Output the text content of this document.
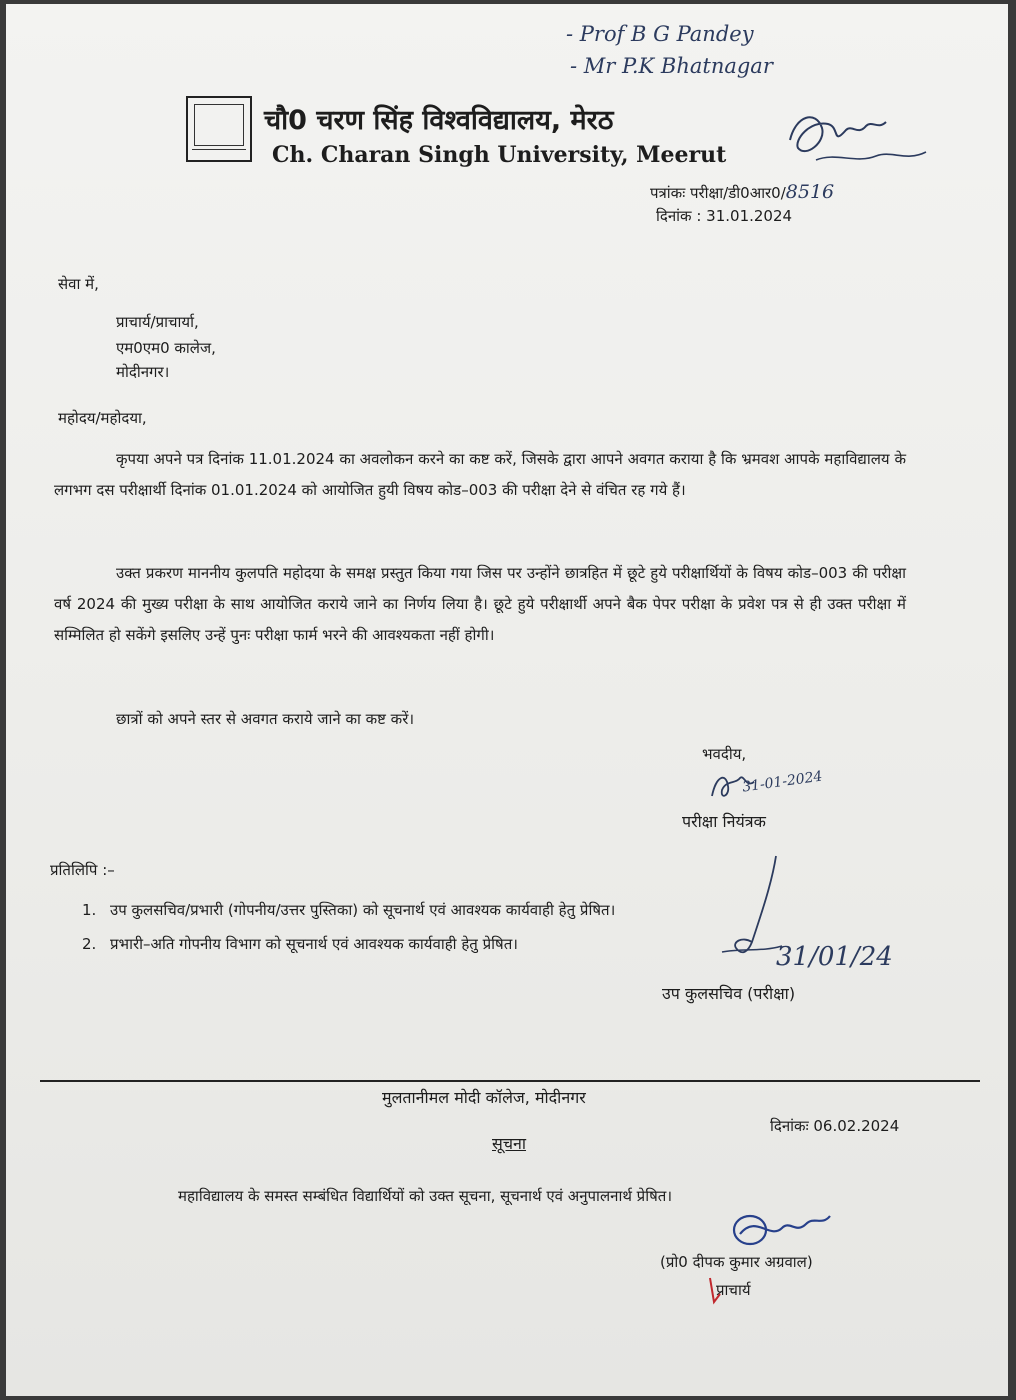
- Prof B G Pandey
- Mr P.K Bhatnagar
चौ0 चरण सिंह विश्वविद्यालय, मेरठ
Ch. Charan Singh University, Meerut
पत्रांकः परीक्षा/डी0आर0/8516
दिनांक : 31.01.2024
सेवा में,
प्राचार्य/प्राचार्या,
एम0एम0 कालेज,
मोदीनगर।
महोदय/महोदया,
कृपया अपने पत्र दिनांक 11.01.2024 का अवलोकन करने का कष्ट करें, जिसके द्वारा आपने अवगत कराया है कि भ्रमवश आपके महाविद्यालय के लगभग दस परीक्षार्थी दिनांक 01.01.2024 को आयोजित हुयी विषय कोड–003 की परीक्षा देने से वंचित रह गये हैं।
उक्त प्रकरण माननीय कुलपति महोदया के समक्ष प्रस्तुत किया गया जिस पर उन्होंने छात्रहित में छूटे हुये परीक्षार्थियों के विषय कोड–003 की परीक्षा वर्ष 2024 की मुख्य परीक्षा के साथ आयोजित कराये जाने का निर्णय लिया है। छूटे हुये परीक्षार्थी अपने बैक पेपर परीक्षा के प्रवेश पत्र से ही उक्त परीक्षा में सम्मिलित हो सकेंगे इसलिए उन्हें पुनः परीक्षा फार्म भरने की आवश्यकता नहीं होगी।
छात्रों को अपने स्तर से अवगत कराये जाने का कष्ट करें।
भवदीय,
31-01-2024
परीक्षा नियंत्रक
प्रतिलिपि :–
1. उप कुलसचिव/प्रभारी (गोपनीय/उत्तर पुस्तिका) को सूचनार्थ एवं आवश्यक कार्यवाही हेतु प्रेषित।
2. प्रभारी–अति गोपनीय विभाग को सूचनार्थ एवं आवश्यक कार्यवाही हेतु प्रेषित।	31/01/24
उप कुलसचिव (परीक्षा)
मुलतानीमल मोदी कॉलेज, मोदीनगर
दिनांकः 06.02.2024
सूचना
महाविद्यालय के समस्त सम्बंधित विद्यार्थियों को उक्त सूचना, सूचनार्थ एवं अनुपालनार्थ प्रेषित।
(प्रो0 दीपक कुमार अग्रवाल)
प्राचार्य
